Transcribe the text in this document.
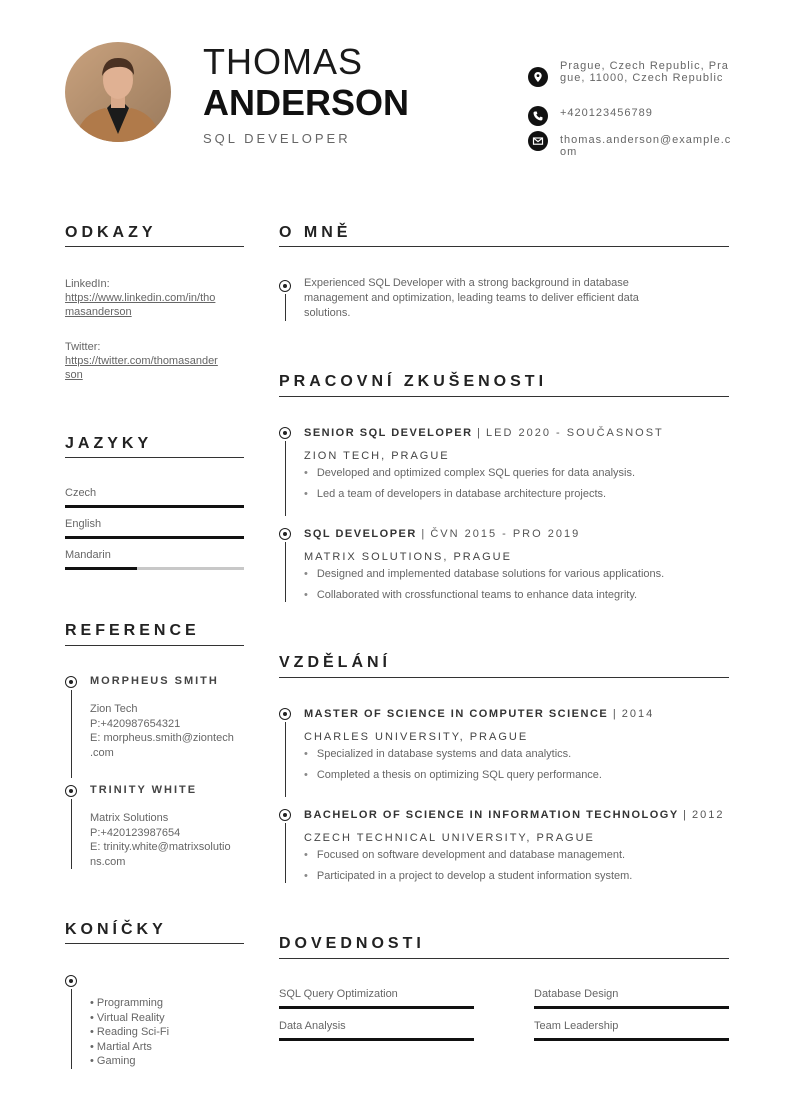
THOMAS
ANDERSON
SQL DEVELOPER
Prague, Czech Republic, Prague, 11000, Czech Republic
+420123456789
thomas.anderson@example.com
ODKAZY
LinkedIn:
https://www.linkedin.com/in/tho
masanderson
Twitter:
https://twitter.com/thomasander
son
JAZYKY
Czech
English
Mandarin
REFERENCE
MORPHEUS SMITH
Zion Tech
P:+420987654321
E: morpheus.smith@ziontech
.com
TRINITY WHITE
Matrix Solutions
P:+420123987654
E: trinity.white@matrixsolutio
ns.com
KONÍČKY
• Programming
• Virtual Reality
• Reading Sci-Fi
• Martial Arts
• Gaming
O MNĚ
Experienced SQL Developer with a strong background in database
management and optimization, leading teams to deliver efficient data
solutions.
PRACOVNÍ ZKUŠENOSTI
SENIOR SQL DEVELOPER | LED 2020 - SOUČASNOST
ZION TECH, PRAGUE
• Developed and optimized complex SQL queries for data analysis.
• Led a team of developers in database architecture projects.
SQL DEVELOPER | ČVN 2015 - PRO 2019
MATRIX SOLUTIONS, PRAGUE
• Designed and implemented database solutions for various applications.
• Collaborated with crossfunctional teams to enhance data integrity.
VZDĚLÁNÍ
MASTER OF SCIENCE IN COMPUTER SCIENCE | 2014
CHARLES UNIVERSITY, PRAGUE
• Specialized in database systems and data analytics.
• Completed a thesis on optimizing SQL query performance.
BACHELOR OF SCIENCE IN INFORMATION TECHNOLOGY | 2012
CZECH TECHNICAL UNIVERSITY, PRAGUE
• Focused on software development and database management.
• Participated in a project to develop a student information system.
DOVEDNOSTI
SQL Query Optimization	Database Design
Data Analysis	Team Leadership
